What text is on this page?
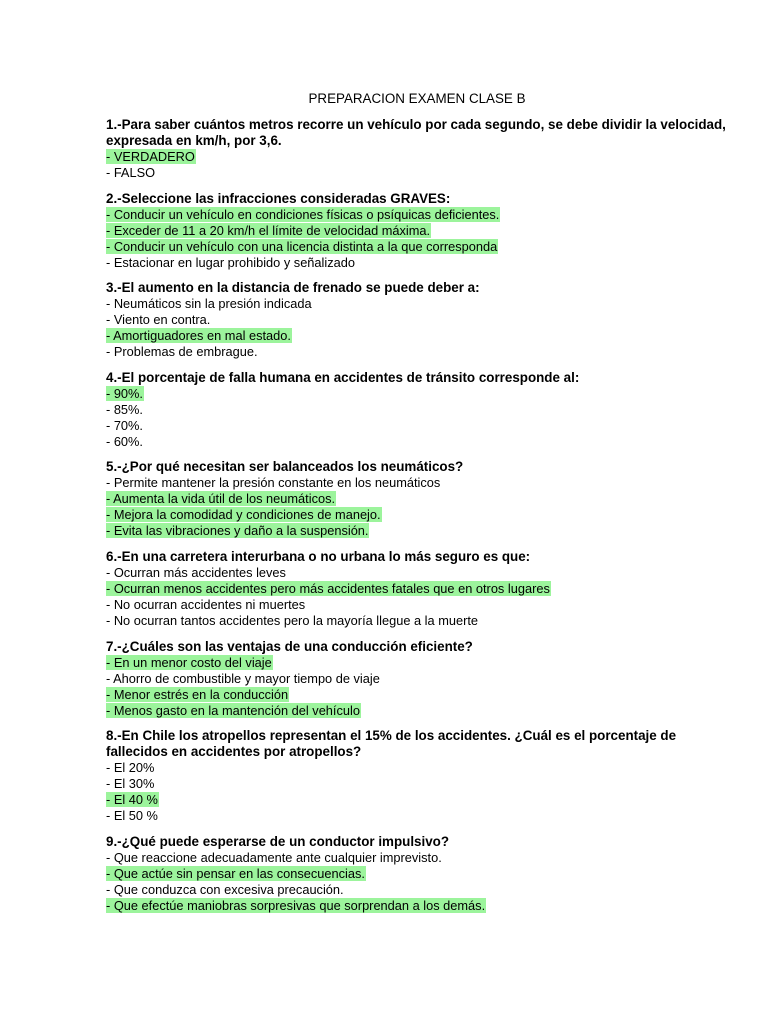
PREPARACION EXAMEN CLASE B
1.-Para saber cuántos metros recorre un vehículo por cada segundo, se debe dividir la velocidad, expresada en km/h, por 3,6.
- VERDADERO
- FALSO
2.-Seleccione las infracciones consideradas GRAVES:
- Conducir un vehículo en condiciones físicas o psíquicas deficientes.
- Exceder de 11 a 20 km/h el límite de velocidad máxima.
- Conducir un vehículo con una licencia distinta a la que corresponda
- Estacionar en lugar prohibido y señalizado
3.-El aumento en la distancia de frenado se puede deber a:
- Neumáticos sin la presión indicada
- Viento en contra.
- Amortiguadores en mal estado.
- Problemas de embrague.
4.-El porcentaje de falla humana en accidentes de tránsito corresponde al:
- 90%.
- 85%.
- 70%.
- 60%.
5.-¿Por qué necesitan ser balanceados los neumáticos?
- Permite mantener la presión constante en los neumáticos
- Aumenta la vida útil de los neumáticos.
- Mejora la comodidad y condiciones de manejo.
- Evita las vibraciones y daño a la suspensión.
6.-En una carretera interurbana o no urbana lo más seguro es que:
- Ocurran más accidentes leves
- Ocurran menos accidentes pero más accidentes fatales que en otros lugares
- No ocurran accidentes ni muertes
- No ocurran tantos accidentes pero la mayoría llegue a la muerte
7.-¿Cuáles son las ventajas de una conducción eficiente?
- En un menor costo del viaje
- Ahorro de combustible y mayor tiempo de viaje
- Menor estrés en la conducción
- Menos gasto en la mantención del vehículo
8.-En Chile los atropellos representan el 15% de los accidentes. ¿Cuál es el porcentaje de fallecidos en accidentes por atropellos?
- El 20%
- El 30%
- El 40 %
- El 50 %
9.-¿Qué puede esperarse de un conductor impulsivo?
- Que reaccione adecuadamente ante cualquier imprevisto.
- Que actúe sin pensar en las consecuencias.
- Que conduzca con excesiva precaución.
- Que efectúe maniobras sorpresivas que sorprendan a los demás.
